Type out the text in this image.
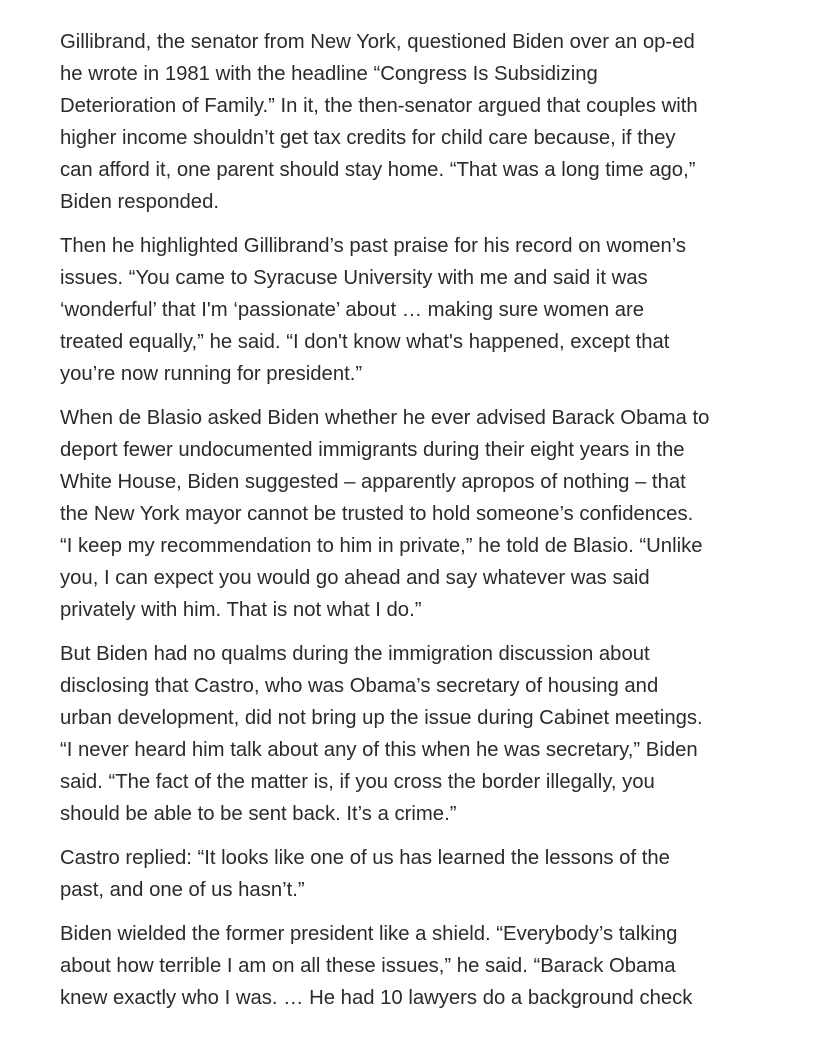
Gillibrand, the senator from New York, questioned Biden over an op-ed
he wrote in 1981 with the headline “Congress Is Subsidizing
Deterioration of Family.” In it, the then-senator argued that couples with
higher income shouldn’t get tax credits for child care because, if they
can afford it, one parent should stay home. “That was a long time ago,”
Biden responded.

Then he highlighted Gillibrand’s past praise for his record on women’s
issues. “You came to Syracuse University with me and said it was
‘wonderful’ that I'm ‘passionate’ about … making sure women are
treated equally,” he said. “I don't know what's happened, except that
you’re now running for president.”

When de Blasio asked Biden whether he ever advised Barack Obama to
deport fewer undocumented immigrants during their eight years in the
White House, Biden suggested – apparently apropos of nothing – that
the New York mayor cannot be trusted to hold someone’s confidences.
“I keep my recommendation to him in private,” he told de Blasio. “Unlike
you, I can expect you would go ahead and say whatever was said
privately with him. That is not what I do.”

But Biden had no qualms during the immigration discussion about
disclosing that Castro, who was Obama’s secretary of housing and
urban development, did not bring up the issue during Cabinet meetings.
“I never heard him talk about any of this when he was secretary,” Biden
said. “The fact of the matter is, if you cross the border illegally, you
should be able to be sent back. It’s a crime.”

Castro replied: “It looks like one of us has learned the lessons of the
past, and one of us hasn’t.”

Biden wielded the former president like a shield. “Everybody’s talking
about how terrible I am on all these issues,” he said. “Barack Obama
knew exactly who I was. … He had 10 lawyers do a background check
